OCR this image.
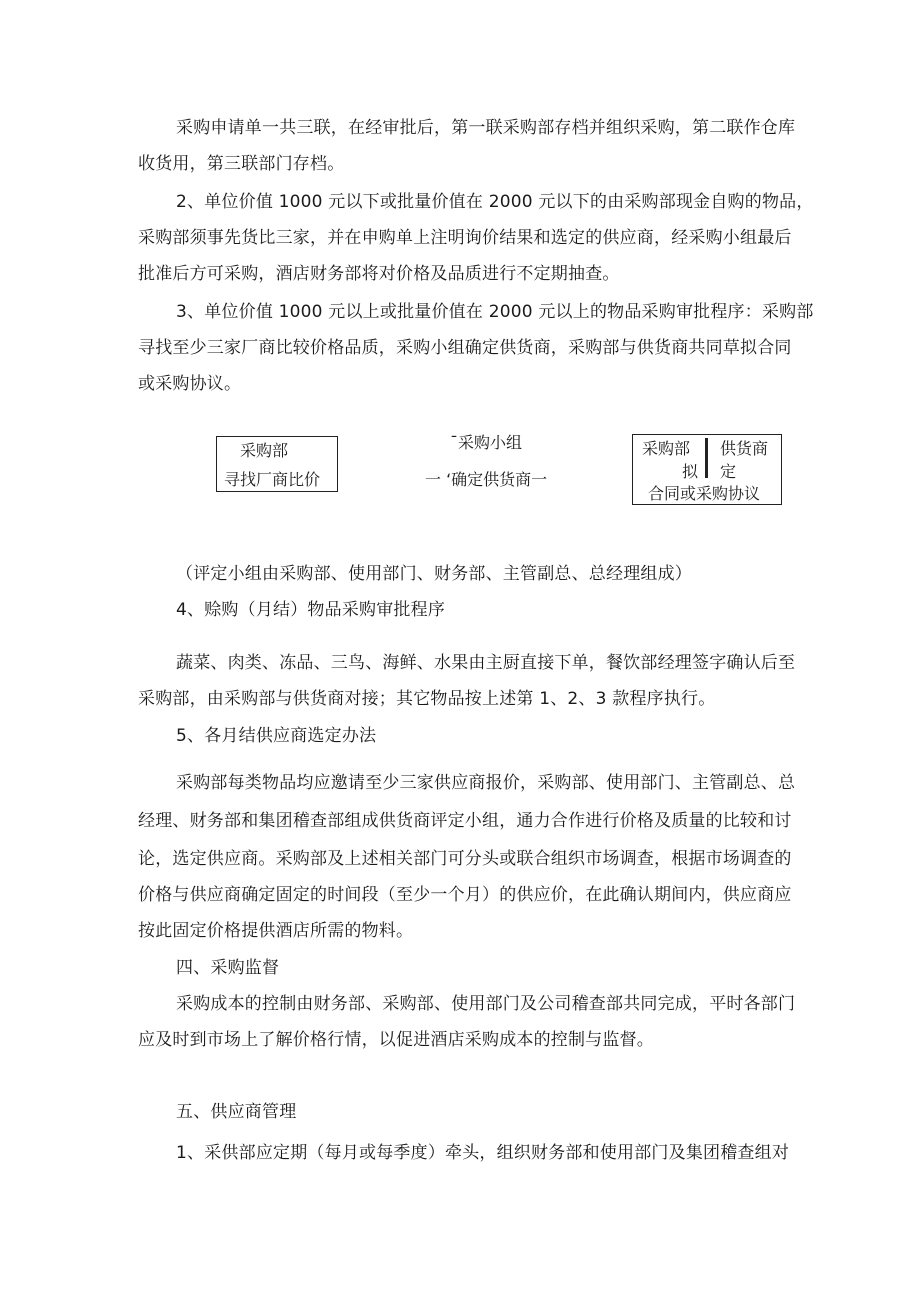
采购申请单一共三联，在经审批后，第一联采购部存档并组织采购，第二联作仓库
收货用，第三联部门存档。
2、单位价值 1000 元以下或批量价值在 2000 元以下的由采购部现金自购的物品，
采购部须事先货比三家，并在申购单上注明询价结果和选定的供应商，经采购小组最后
批准后方可采购，酒店财务部将对价格及品质进行不定期抽查。
3、单位价值 1000 元以上或批量价值在 2000 元以上的物品采购审批程序：采购部
寻找至少三家厂商比较价格品质，采购小组确定供货商，采购部与供货商共同草拟合同
或采购协议。
采购部
寻找厂商比价
ˉ采购小组
一 ‘确定供货商一
采购部 供货商
拟 定
合同或采购协议
（评定小组由采购部、使用部门、财务部、主管副总、总经理组成）
4、赊购（月结）物品采购审批程序
蔬菜、肉类、冻品、三鸟、海鲜、水果由主厨直接下单，餐饮部经理签字确认后至
采购部，由采购部与供货商对接；其它物品按上述第 1、2、3 款程序执行。
5、各月结供应商选定办法
采购部每类物品均应邀请至少三家供应商报价，采购部、使用部门、主管副总、总
经理、财务部和集团稽查部组成供货商评定小组，通力合作进行价格及质量的比较和讨
论，选定供应商。采购部及上述相关部门可分头或联合组织市场调查，根据市场调查的
价格与供应商确定固定的时间段（至少一个月）的供应价，在此确认期间内，供应商应
按此固定价格提供酒店所需的物料。
四、采购监督
采购成本的控制由财务部、采购部、使用部门及公司稽查部共同完成，平时各部门
应及时到市场上了解价格行情，以促进酒店采购成本的控制与监督。
五、供应商管理
1、采供部应定期（每月或每季度）牵头，组织财务部和使用部门及集团稽查组对
